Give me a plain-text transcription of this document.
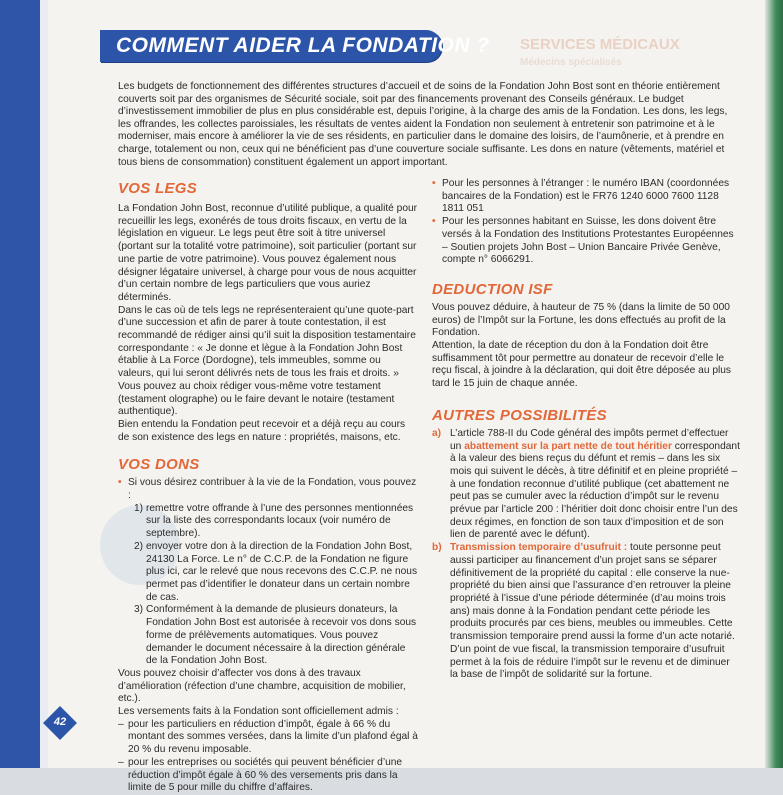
SERVICES MÉDICAUX
Médecins spécialisés
COMMENT AIDER LA FONDATION ?

Les budgets de fonctionnement des différentes structures d’accueil et de soins de la Fondation John Bost sont en théorie entièrement couverts soit par des organismes de Sécurité sociale, soit par des financements provenant des Conseils généraux. Le budget d’investissement immobilier de plus en plus considérable est, depuis l’origine, à la charge des amis de la Fondation. Les dons, les legs, les offrandes, les collectes paroissiales, les résultats de ventes aident la Fondation non seulement à entretenir son patrimoine et à le moderniser, mais encore à améliorer la vie de ses résidents, en particulier dans le domaine des loisirs, de l’aumônerie, et à prendre en charge, totalement ou non, ceux qui ne bénéficient pas d’une couverture sociale suffisante. Les dons en nature (vêtements, matériel et tous biens de consommation) constituent également un apport important.

VOS LEGS

La Fondation John Bost, reconnue d’utilité publique, a qualité pour recueillir les legs, exonérés de tous droits fiscaux, en vertu de la législation en vigueur. Le legs peut être soit à titre universel (portant sur la totalité votre patrimoine), soit particulier (portant sur une partie de votre patrimoine). Vous pouvez également nous désigner légataire universel, à charge pour vous de nous acquitter d’un certain nombre de legs particuliers que vous auriez déterminés.

Dans le cas où de tels legs ne représenteraient qu’une quote-part d’une succession et afin de parer à toute contestation, il est recommandé de rédiger ainsi qu’il suit la disposition testamentaire correspondante : « Je donne et lègue à la Fondation John Bost établie à La Force (Dordogne), tels immeubles, somme ou valeurs, qui lui seront délivrés nets de tous les frais et droits. »

Vous pouvez au choix rédiger vous-même votre testament (testament olographe) ou le faire devant le notaire (testament authentique).

Bien entendu la Fondation peut recevoir et a déjà reçu au cours de son existence des legs en nature : propriétés, maisons, etc.

VOS DONS

• Si vous désirez contribuer à la vie de la Fondation, vous pouvez :

1) remettre votre offrande à l’une des personnes mentionnées sur la liste des correspondants locaux (voir numéro de septembre).

2) envoyer votre don à la direction de la Fondation John Bost, 24130 La Force. Le n° de C.C.P. de la Fondation ne figure plus ici, car le relevé que nous recevons des C.C.P. ne nous permet pas d’identifier le donateur dans un certain nombre de cas.

3) Conformément à la demande de plusieurs donateurs, la Fondation John Bost est autorisée à recevoir vos dons sous forme de prélèvements automatiques. Vous pouvez demander le document nécessaire à la direction générale de la Fondation John Bost.

Vous pouvez choisir d’affecter vos dons à des travaux d’amélioration (réfection d’une chambre, acquisition de mobilier, etc.).

Les versements faits à la Fondation sont officiellement admis :

– pour les particuliers en réduction d’impôt, égale à 66 % du montant des sommes versées, dans la limite d’un plafond égal à 20 % du revenu imposable.

– pour les entreprises ou sociétés qui peuvent bénéficier d’une réduction d’impôt égale à 60 % des versements pris dans la limite de 5 pour mille du chiffre d’affaires.

• Pour les personnes à l’étranger : le numéro IBAN (coordonnées bancaires de la Fondation) est le FR76 1240 6000 7600 1128 1811 051

• Pour les personnes habitant en Suisse, les dons doivent être versés à la Fondation des Institutions Protestantes Européennes – Soutien projets John Bost – Union Bancaire Privée Genève, compte n° 6066291.

DEDUCTION ISF

Vous pouvez déduire, à hauteur de 75 % (dans la limite de 50 000 euros) de l’Impôt sur la Fortune, les dons effectués au profit de la Fondation.

Attention, la date de réception du don à la Fondation doit être suffisamment tôt pour permettre au donateur de recevoir d’elle le reçu fiscal, à joindre à la déclaration, qui doit être déposée au plus tard le 15 juin de chaque année.

AUTRES POSSIBILITÉS

a) L’article 788-II du Code général des impôts permet d’effectuer un abattement sur la part nette de tout héritier correspondant à la valeur des biens reçus du défunt et remis – dans les six mois qui suivent le décès, à titre définitif et en pleine propriété – à une fondation reconnue d’utilité publique (cet abattement ne peut pas se cumuler avec la réduction d’impôt sur le revenu prévue par l’article 200 : l’héritier doit donc choisir entre l’un des deux régimes, en fonction de son taux d’imposition et de son lien de parenté avec le défunt).

b) Transmission temporaire d’usufruit : toute personne peut aussi participer au financement d’un projet sans se séparer définitivement de la propriété du capital : elle conserve la nue-propriété du bien ainsi que l’assurance d’en retrouver la pleine propriété à l’issue d’une période déterminée (d’au moins trois ans) mais donne à la Fondation pendant cette période les produits procurés par ces biens, meubles ou immeubles. Cette transmission temporaire prend aussi la forme d’un acte notarié. D’un point de vue fiscal, la transmission temporaire d’usufruit permet à la fois de réduire l’impôt sur le revenu et de diminuer la base de l’impôt de solidarité sur la fortune.

42
